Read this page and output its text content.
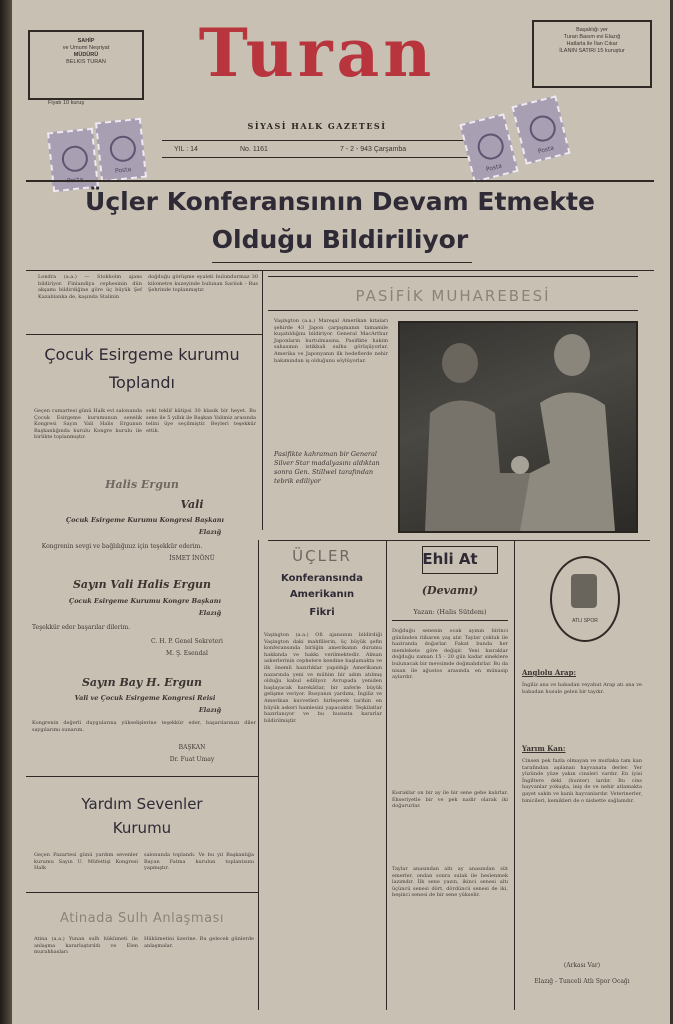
SAHİP
ve Umumi Neşriyat
MÜDÜRÜ
BELKIS TURAN
Fiyatı 10 kuruş
Turan
SİYASİ HALK GAZETESİ
YIL : 14	No. 1161	7 - 2 - 943 Çarşamba
Başalılığı yer
Turan Basım evi Elazığ
Hatlarla ile İlan Cıkar
İLANIN SATIRI 15 kuruştur
Posta	Posta
Posta
Üçler Konferansının Devam Etmekte
Olduğu Bildiriliyor
Londra (a.a.) — Stokholm ajans bildiriyor. Finlandiya cephesinin dün akşamı bildirdiğine göre üç büyük Şef Kazablanka de, kaşında Stalinin
doğduğu görüşme eyaleti bulundurmaz 30 kilometre kuzeyinde bulunan Sariiok - Rus Şehrinde toplanmıştır.
Çocuk Esirgeme kurumu
Toplandı
Geçen cumartesi günü Halk evi salonunda Çocuk Esirgeme kurumunun senelik Kongresi Sayın Vali Halis Ergunun Başkanlığında kurulu Kongre kurulu ile birlikte toplanmıştır.
seki teklif kâtipsi 30 klasik bir heyet. Bu sene ile 5 yıllık ile Başkan Valimiz arasında telini üye seçilmiştir. Beyleri teşekkür ettik.
Halis Ergun
Vali
Çocuk Esirgeme Kurumu Kongresi Başkanı
Elazığ
Kongrenin sevgi ve bağlılığınız için teşekkür ederim.
İSMET İNÖNÜ
Sayın Vali Halis Ergun
Çocuk Esirgeme Kurumu Kongre Başkanı
Elazığ
Teşekkür eder başarılar dilerim.
C. H. P. Genel Sekreteri
M. Ş. Esendal
Sayın Bay H. Ergun
Vali ve Çocuk Esirgeme Kongresi Reisi
Elazığ
Kongrenin değerli duygularına yükselişlerine teşekkür eder, başarılarınızı diler saygılarımı sunarım.
BAŞKAN
Dr. Fuat Umay
Yardım Sevenler
Kurumu
Geçen Pazartesi günü yardım sevenler kurumu Sayın U. Müfettişi Kongresi Halk
salonunda toplandı. Ve bu yıl Başkanlığa Bayan Fatma kurulun toplantısını yapmıştır.
Atinada Sulh Anlaşması
Atina (a.a.) Yunan sulh hükümeti ile anlaşma kararlaştırıldı ve Elen murahhasları
Hükümetini üzerine. Bu gelecek günlerde anlaşmalar.
PASİFİK MUHAREBESİ
Vaşington (a.a.) Mareşal Amerikan kıtaları şehirde 43 Japon çarpışmanın tamamile kuşatıldığını bildiriyor. General MacArthur Japonların kurtulmasına, Pasifikte hakim sahasının istikbali sulhu görüşüyorlar. Amerika ve Japonyanın ilk hedeflerde nehir bakımından iş olduğunu söylüyorlar.
Pasifikte kahraman bir General Silver Star madalyasını aldıktan sonra Gen. Stillwel tarafından tebrik ediliyor
ÜÇLER
Konferansında
Amerikanın
Fikri
Vaşington (a.a.) Ofi ajansının bildirdiği Vaşington daki mahfillerin, üç büyük şefin konferansında birliğin amerikanın durumu hakkında ve hakkı verilmektedir. Alman askerlerinin cephelere kendine başlamakta ve ilk önemli hazırlıklar yapıldığı Amerikanın nazarında yeni ve mühim bir adım atılmış olduğu kabul ediliyor. Avrupada yeniden başlayacak harekâtlar, bir zaferle büyük gelişme veriyor. Rusyanın yardımı, İngiliz ve Amerikan kuvvetleri birleşerek tarihin en büyük askeri hamlesini yapacaktır. Teşkilatlar hazırlanıyor ve bu hususta kararlar bildirilmiştir.
Ehli At
(Devamı)
Yazan: (Halis Sütdem)
Doğduğu senenin ocak ayının birinci gününden itibaren yaş alır. Taylar çokluk ile haziranda doğarlar. Fakat bunda her memlekete göre değişir. Yeni kısraklar doğduğu zaman 15 - 20 gün kadar sineklere bulunacak bir mevsimde doğmalıdırlar. Bu da nisan ile ağustos arasında en münasip aylardır.
Kısraklar on bir ay ile bir sene gebe kalırlar. Ekseriyetle bir ve pek nadir olarak iki doğururlar.
Taylar anasından altı ay anasından süt emerler, ondan sonra sulak ile beslenmek lazımdır. İlk sene yazın, ikinci senesi altı üçüncü senesi dört, dördüncü senesi de iki, beşinci senesi de bir sene yükselir.
ATLI SPOR
Anglolu Arap:
İngiliz ana ve babadan veyahut Arap atı ana ve babadan husule gelen bir taydır.
Yarım Kan:
Cinsen pek fazla olmayan ve mutlaka tam kan tarafından aşılanan hayvanata derler. Yer yüzünde yüze yakın cinsleri vardır. En iyisi İngiltere deki (hunter) lardır. Bu cins hayvanlar yokuşta, iniş de ve nehir atlamakta gayet sakin ve kanlı hayvanlardır. Veterinerler, binicileri, kemikleri de o nisbette sağlamdır.
(Arkası Var)
Elazığ - Tunceli Atlı Spor Ocağı
